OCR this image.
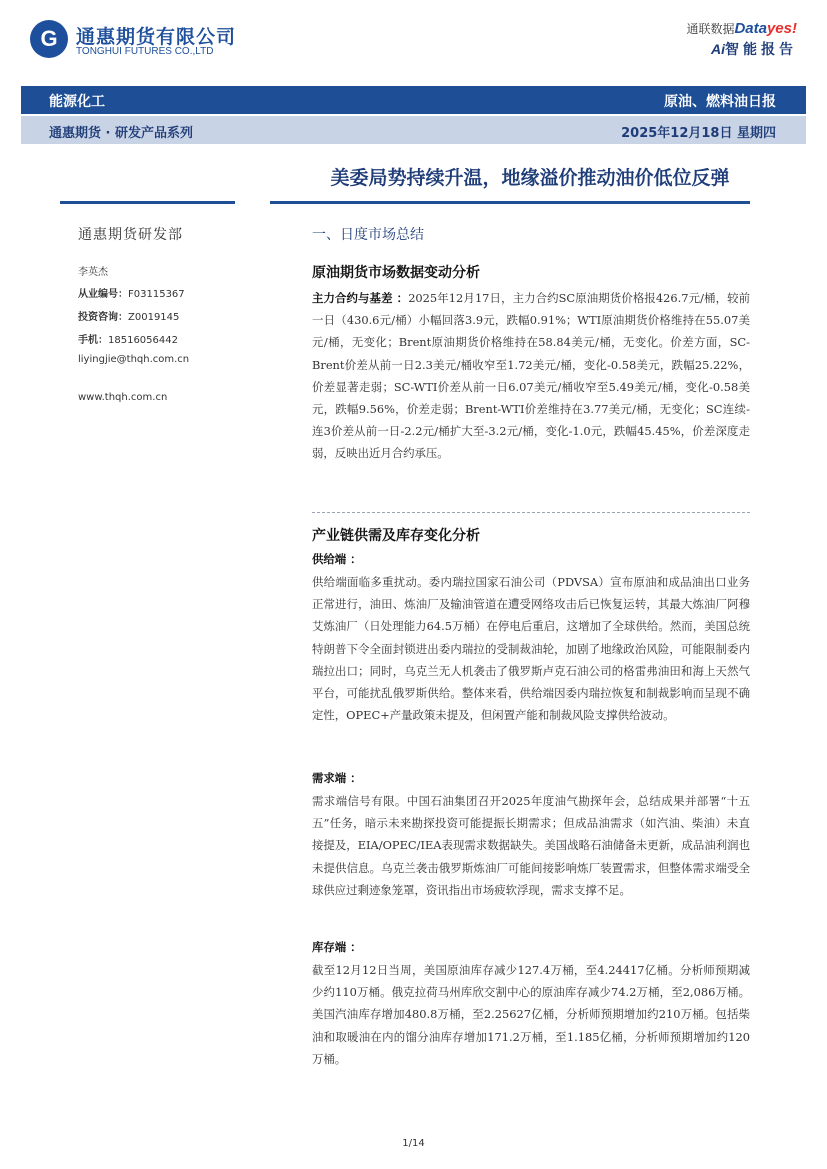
G 通惠期货有限公司
TONGHUI FUTURES CO.,LTD
通联数据Datayes!
Ai智能报告
能源化工	原油、燃料油日报
通惠期货 · 研发产品系列	2025年12月18日 星期四
美委局势持续升温，地缘溢价推动油价低位反弹
通惠期货研发部
李英杰
从业编号：F03115367
投资咨询：Z0019145
手机：18516056442
liyingjie@thqh.com.cn
www.thqh.com.cn
一、日度市场总结
原油期货市场数据变动分析

主力合约与基差 ：2025年12月17日，主力合约SC原油期货价格报426.7元/桶，较前一日（430.6元/桶）小幅回落3.9元，跌幅0.91%；WTI原油期货价格维持在55.07美元/桶，无变化；Brent原油期货价格维持在58.84美元/桶，无变化。价差方面，SC-Brent价差从前一日2.3美元/桶收窄至1.72美元/桶，变化-0.58美元，跌幅25.22%，价差显著走弱；SC-WTI价差从前一日6.07美元/桶收窄至5.49美元/桶，变化-0.58美元，跌幅9.56%，价差走弱；Brent-WTI价差维持在3.77美元/桶，无变化；SC连续-连3价差从前一日-2.2元/桶扩大至-3.2元/桶，变化-1.0元，跌幅45.45%，价差深度走弱，反映出近月合约承压。

产业链供需及库存变化分析
供给端 ：

供给端面临多重扰动。委内瑞拉国家石油公司（PDVSA）宣布原油和成品油出口业务正常进行，油田、炼油厂及输油管道在遭受网络攻击后已恢复运转，其最大炼油厂阿穆艾炼油厂（日处理能力64.5万桶）在停电后重启，这增加了全球供给。然而，美国总统特朗普下令全面封锁进出委内瑞拉的受制裁油轮，加剧了地缘政治风险，可能限制委内瑞拉出口；同时，乌克兰无人机袭击了俄罗斯卢克石油公司的格雷弗油田和海上天然气平台，可能扰乱俄罗斯供给。整体来看，供给端因委内瑞拉恢复和制裁影响而呈现不确定性，OPEC+产量政策未提及，但闲置产能和制裁风险支撑供给波动。

需求端 ：

需求端信号有限。中国石油集团召开2025年度油气勘探年会，总结成果并部署“十五五”任务，暗示未来勘探投资可能提振长期需求；但成品油需求（如汽油、柴油）未直接提及，EIA/OPEC/IEA表现需求数据缺失。美国战略石油储备未更新，成品油利润也未提供信息。乌克兰袭击俄罗斯炼油厂可能间接影响炼厂装置需求，但整体需求端受全球供应过剩迹象笼罩，资讯指出市场疲软浮现，需求支撑不足。

库存端 ：

截至12月12日当周，美国原油库存减少127.4万桶，至4.24417亿桶。分析师预期减少约110万桶。俄克拉荷马州库欣交割中心的原油库存减少74.2万桶，至2,086万桶。美国汽油库存增加480.8万桶，至2.25627亿桶，分析师预期增加约210万桶。包括柴油和取暖油在内的馏分油库存增加171.2万桶，至1.185亿桶，分析师预期增加约120万桶。

1/14
